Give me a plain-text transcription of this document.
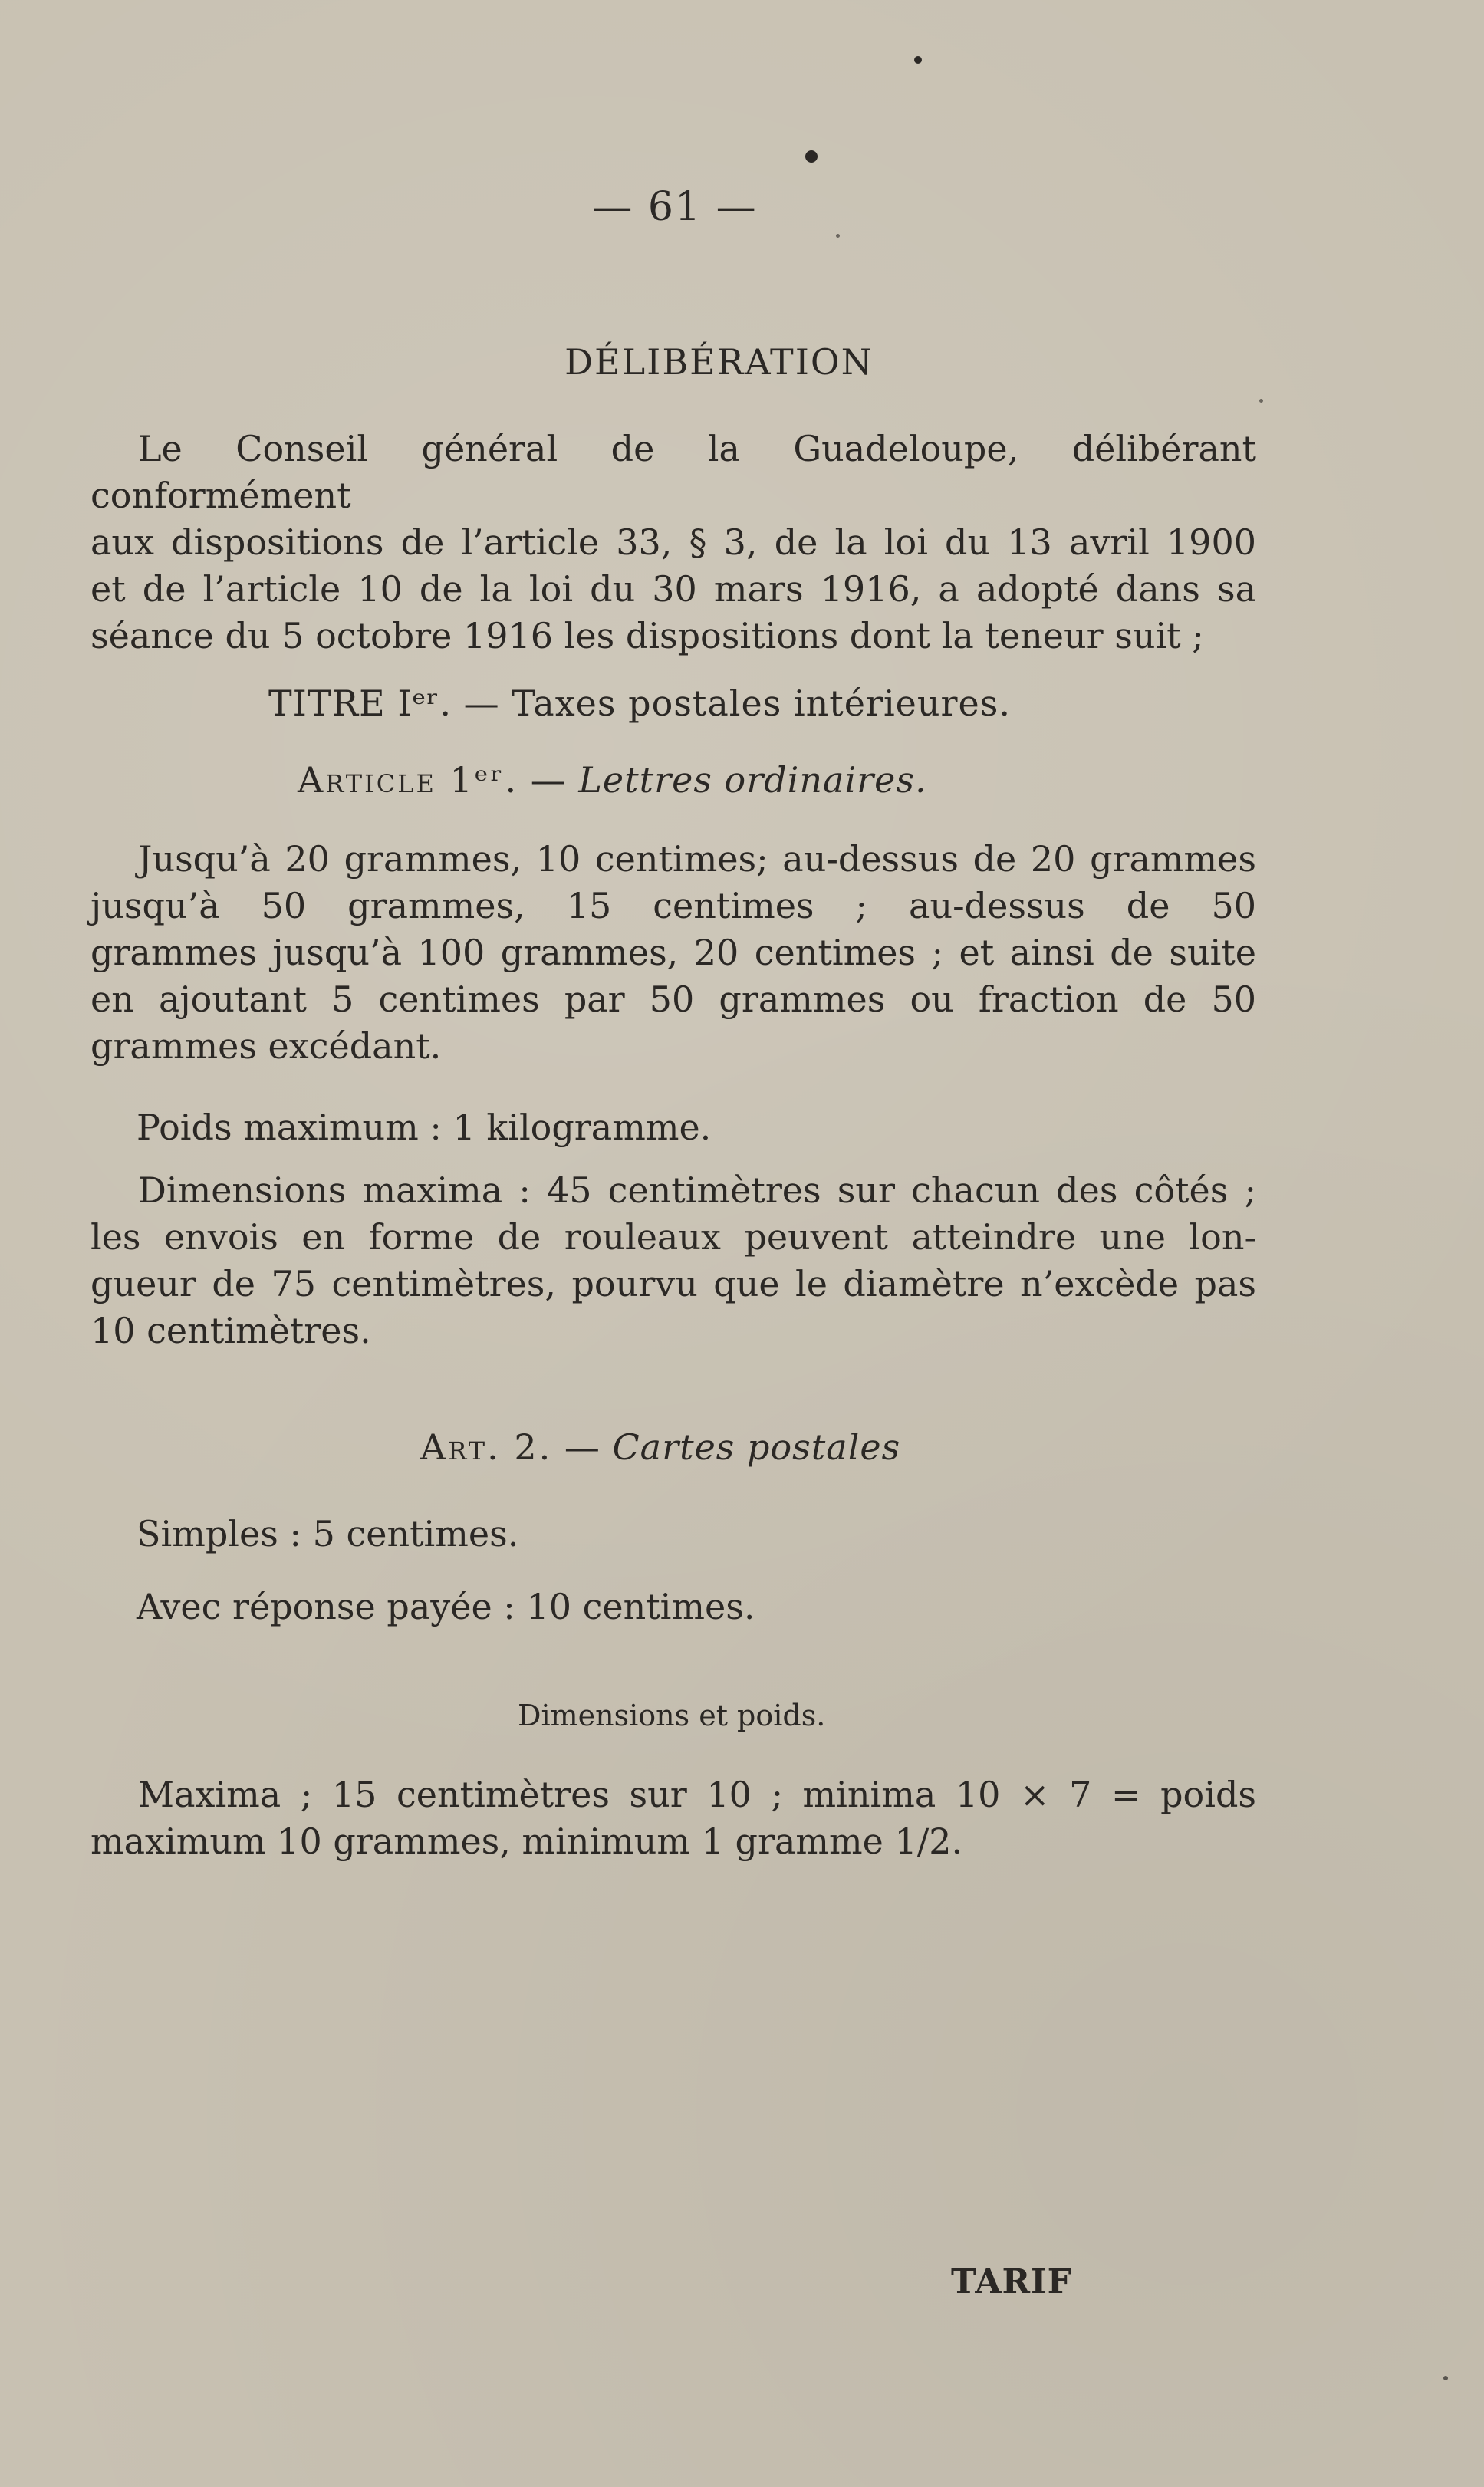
— 61 —
DÉLIBÉRATION
Le Conseil général de la Guadeloupe, délibérant conformément
aux dispositions de l’article 33, § 3, de la loi du 13 avril 1900
et de l’article 10 de la loi du 30 mars 1916, a adopté dans sa
séance du 5 octobre 1916 les dispositions dont la teneur suit ;
TITRE Iᵉʳ. — Taxes postales intérieures.
Article 1ᵉʳ. — Lettres ordinaires.
Jusqu’à 20 grammes, 10 centimes; au-dessus de 20 grammes
jusqu’à 50 grammes, 15 centimes ; au-dessus de 50
grammes jusqu’à 100 grammes, 20 centimes ; et ainsi de suite
en ajoutant 5 centimes par 50 grammes ou fraction de 50
grammes excédant.
Poids maximum : 1 kilogramme.
Dimensions maxima : 45 centimètres sur chacun des côtés ;
les envois en forme de rouleaux peuvent atteindre une lon-
gueur de 75 centimètres, pourvu que le diamètre n’excède pas
10 centimètres.
Art. 2. — Cartes postales
Simples : 5 centimes.
Avec réponse payée : 10 centimes.
Dimensions et poids.
Maxima ; 15 centimètres sur 10 ; minima 10 × 7 = poids
maximum 10 grammes, minimum 1 gramme 1/2.
TARIF
